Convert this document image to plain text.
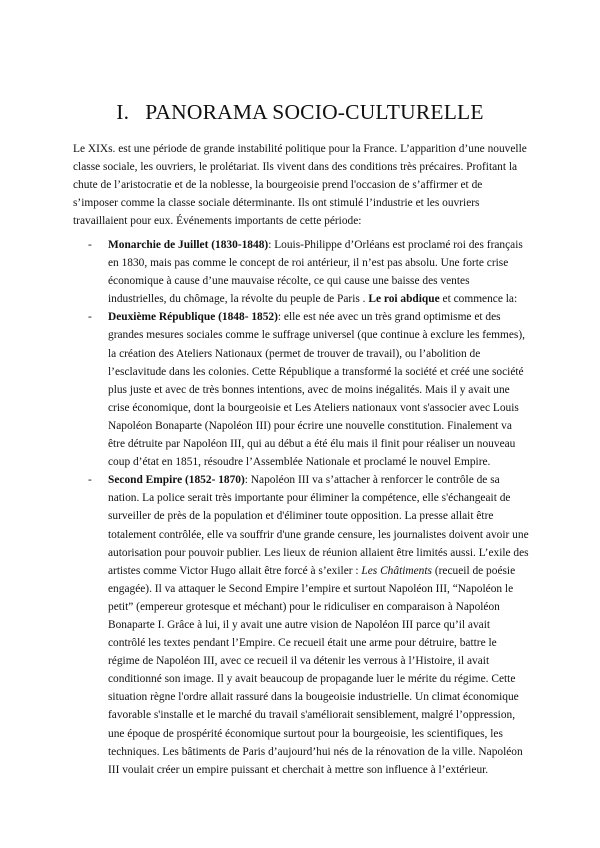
I. PANORAMA SOCIO-CULTURELLE

Le XIXs. est une période de grande instabilité politique pour la France. L’apparition d’une nouvelle classe sociale, les ouvriers, le prolétariat. Ils vivent dans des conditions très précaires. Profitant la chute de l’aristocratie et de la noblesse, la bourgeoisie prend l'occasion de s’affirmer et de s’imposer comme la classe sociale déterminante. Ils ont stimulé l’industrie et les ouvriers travaillaient pour eux. Événements importants de cette période:

- Monarchie de Juillet (1830-1848): Louis-Philippe d’Orléans est proclamé roi des français en 1830, mais pas comme le concept de roi antérieur, il n’est pas absolu. Une forte crise économique à cause d’une mauvaise récolte, ce qui cause une baisse des ventes industrielles, du chômage, la révolte du peuple de Paris . Le roi abdique et commence la:
- Deuxième République (1848- 1852): elle est née avec un très grand optimisme et des grandes mesures sociales comme le suffrage universel (que continue à exclure les femmes), la création des Ateliers Nationaux (permet de trouver de travail), ou l’abolition de l’esclavitude dans les colonies. Cette République a transformé la société et créé une société plus juste et avec de très bonnes intentions, avec de moins inégalités. Mais il y avait une crise économique, dont la bourgeoisie et Les Ateliers nationaux vont s'associer avec Louis Napoléon Bonaparte (Napoléon III) pour écrire une nouvelle constitution. Finalement va être détruite par Napoléon III, qui au début a été élu mais il finit pour réaliser un nouveau coup d’état en 1851, résoudre l’Assemblée Nationale et proclamé le nouvel Empire.
- Second Empire (1852- 1870): Napoléon III va s’attacher à renforcer le contrôle de sa nation. La police serait très importante pour éliminer la compétence, elle s'échangeait de surveiller de près de la population et d'éliminer toute opposition. La presse allait être totalement contrôlée, elle va souffrir d'une grande censure, les journalistes doivent avoir une autorisation pour pouvoir publier. Les lieux de réunion allaient être limités aussi. L’exile des artistes comme Victor Hugo allait être forcé à s’exiler : Les Châtiments (recueil de poésie engagée). Il va attaquer le Second Empire l’empire et surtout Napoléon III, “Napoléon le petit” (empereur grotesque et méchant) pour le ridiculiser en comparaison à Napoléon Bonaparte I. Grâce à lui, il y avait une autre vision de Napoléon III parce qu’il avait contrôlé les textes pendant l’Empire. Ce recueil était une arme pour détruire, battre le régime de Napoléon III, avec ce recueil il va détenir les verrous à l’Histoire, il avait conditionné son image. Il y avait beaucoup de propagande luer le mérite du régime. Cette situation règne l'ordre allait rassuré dans la bougeoisie industrielle. Un climat économique favorable s'installe et le marché du travail s'améliorait sensiblement, malgré l’oppression, une époque de prospérité économique surtout pour la bourgeoisie, les scientifiques, les techniques. Les bâtiments de Paris d’aujourd’hui nés de la rénovation de la ville. Napoléon III voulait créer un empire puissant et cherchait à mettre son influence à l’extérieur.
